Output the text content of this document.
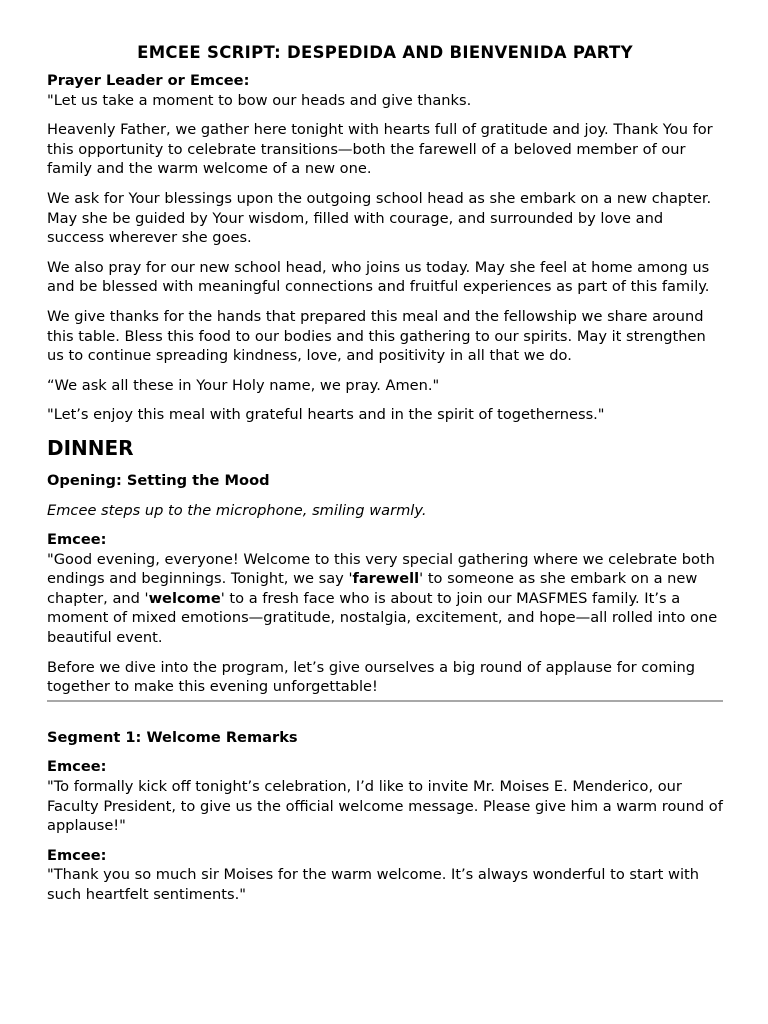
EMCEE SCRIPT: DESPEDIDA AND BIENVENIDA PARTY

Prayer Leader or Emcee:

"Let us take a moment to bow our heads and give thanks.

Heavenly Father, we gather here tonight with hearts full of gratitude and joy. Thank You for this opportunity to celebrate transitions—both the farewell of a beloved member of our family and the warm welcome of a new one.

We ask for Your blessings upon the outgoing school head as she embark on a new chapter. May she be guided by Your wisdom, filled with courage, and surrounded by love and success wherever she goes.

We also pray for our new school head, who joins us today. May she feel at home among us and be blessed with meaningful connections and fruitful experiences as part of this family.

We give thanks for the hands that prepared this meal and the fellowship we share around this table. Bless this food to our bodies and this gathering to our spirits. May it strengthen us to continue spreading kindness, love, and positivity in all that we do.

“We ask all these in Your Holy name, we pray. Amen."

"Let’s enjoy this meal with grateful hearts and in the spirit of togetherness."

DINNER

Opening: Setting the Mood

Emcee steps up to the microphone, smiling warmly.

Emcee:

"Good evening, everyone! Welcome to this very special gathering where we celebrate both endings and beginnings. Tonight, we say 'farewell' to someone as she embark on a new chapter, and 'welcome' to a fresh face who is about to join our MASFMES family. It’s a moment of mixed emotions—gratitude, nostalgia, excitement, and hope—all rolled into one beautiful event.

Before we dive into the program, let’s give ourselves a big round of applause for coming together to make this evening unforgettable!

Segment 1: Welcome Remarks

Emcee:

"To formally kick off tonight’s celebration, I’d like to invite Mr. Moises E. Menderico, our Faculty President, to give us the official welcome message. Please give him a warm round of applause!"

Emcee:

"Thank you so much sir Moises for the warm welcome. It’s always wonderful to start with such heartfelt sentiments."
